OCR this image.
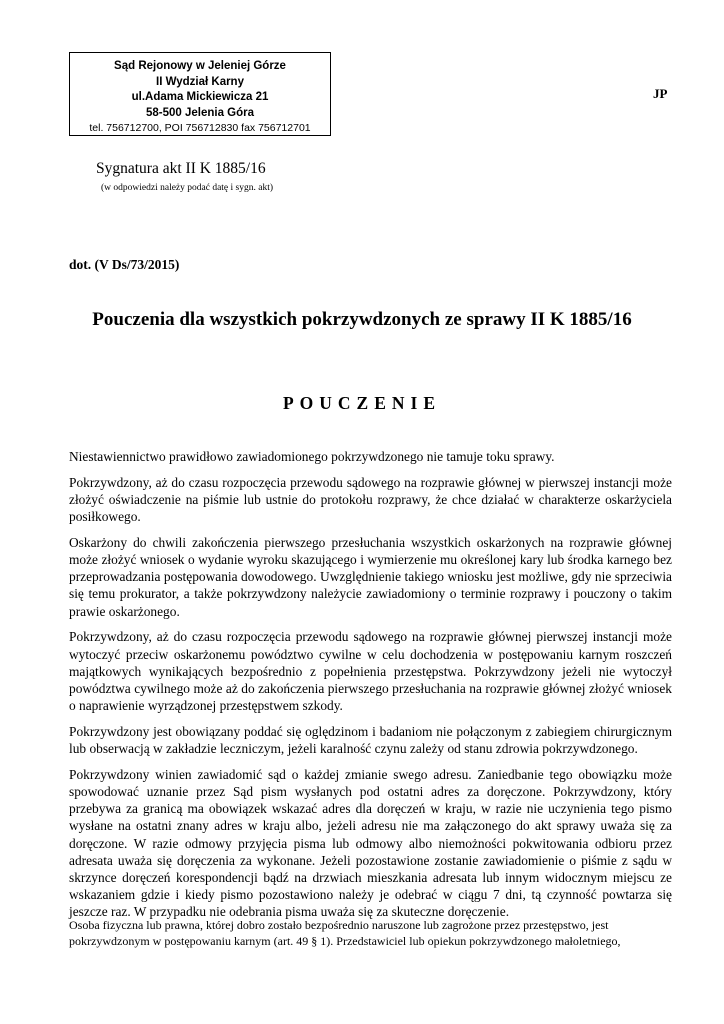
Sąd Rejonowy w Jeleniej Górze
II Wydział Karny
ul.Adama Mickiewicza 21
58-500 Jelenia Góra
tel. 756712700, POI 756712830 fax 756712701
JP
Sygnatura akt II K 1885/16
(w odpowiedzi należy podać datę i sygn. akt)
dot. (V Ds/73/2015)
Pouczenia dla wszystkich pokrzywdzonych ze sprawy II K 1885/16
POUCZENIE

Niestawiennictwo prawidłowo zawiadomionego pokrzywdzonego nie tamuje toku sprawy.

Pokrzywdzony, aż do czasu rozpoczęcia przewodu sądowego na rozprawie głównej w pierwszej instancji może złożyć oświadczenie na piśmie lub ustnie do protokołu rozprawy, że chce działać w charakterze oskarżyciela posiłkowego.

Oskarżony do chwili zakończenia pierwszego przesłuchania wszystkich oskarżonych na rozprawie głównej może złożyć wniosek o wydanie wyroku skazującego i wymierzenie mu określonej kary lub środka karnego bez przeprowadzania postępowania dowodowego. Uwzględnienie takiego wniosku jest możliwe, gdy nie sprzeciwia się temu prokurator, a także pokrzywdzony należycie zawiadomiony o terminie rozprawy i pouczony o takim prawie oskarżonego.

Pokrzywdzony, aż do czasu rozpoczęcia przewodu sądowego na rozprawie głównej pierwszej instancji może wytoczyć przeciw oskarżonemu powództwo cywilne w celu dochodzenia w postępowaniu karnym roszczeń majątkowych wynikających bezpośrednio z popełnienia przestępstwa. Pokrzywdzony jeżeli nie wytoczył powództwa cywilnego może aż do zakończenia pierwszego przesłuchania na rozprawie głównej złożyć wniosek o naprawienie wyrządzonej przestępstwem szkody.

Pokrzywdzony jest obowiązany poddać się oględzinom i badaniom nie połączonym z zabiegiem chirurgicznym lub obserwacją w zakładzie leczniczym, jeżeli karalność czynu zależy od stanu zdrowia pokrzywdzonego.

Pokrzywdzony winien zawiadomić sąd o każdej zmianie swego adresu. Zaniedbanie tego obowiązku może spowodować uznanie przez Sąd pism wysłanych pod ostatni adres za doręczone. Pokrzywdzony, który przebywa za granicą ma obowiązek wskazać adres dla doręczeń w kraju, w razie nie uczynienia tego pismo wysłane na ostatni znany adres w kraju albo, jeżeli adresu nie ma załączonego do akt sprawy uważa się za doręczone. W razie odmowy przyjęcia pisma lub odmowy albo niemożności pokwitowania odbioru przez adresata uważa się doręczenia za wykonane. Jeżeli pozostawione zostanie zawiadomienie o piśmie z sądu w skrzynce doręczeń korespondencji bądź na drzwiach mieszkania adresata lub innym widocznym miejscu ze wskazaniem gdzie i kiedy pismo pozostawiono należy je odebrać w ciągu 7 dni, tą czynność powtarza się jeszcze raz. W przypadku nie odebrania pisma uważa się za skuteczne doręczenie.

Osoba fizyczna lub prawna, której dobro zostało bezpośrednio naruszone lub zagrożone przez przestępstwo, jest

pokrzywdzonym w postępowaniu karnym (art. 49 § 1). Przedstawiciel lub opiekun pokrzywdzonego małoletniego,
